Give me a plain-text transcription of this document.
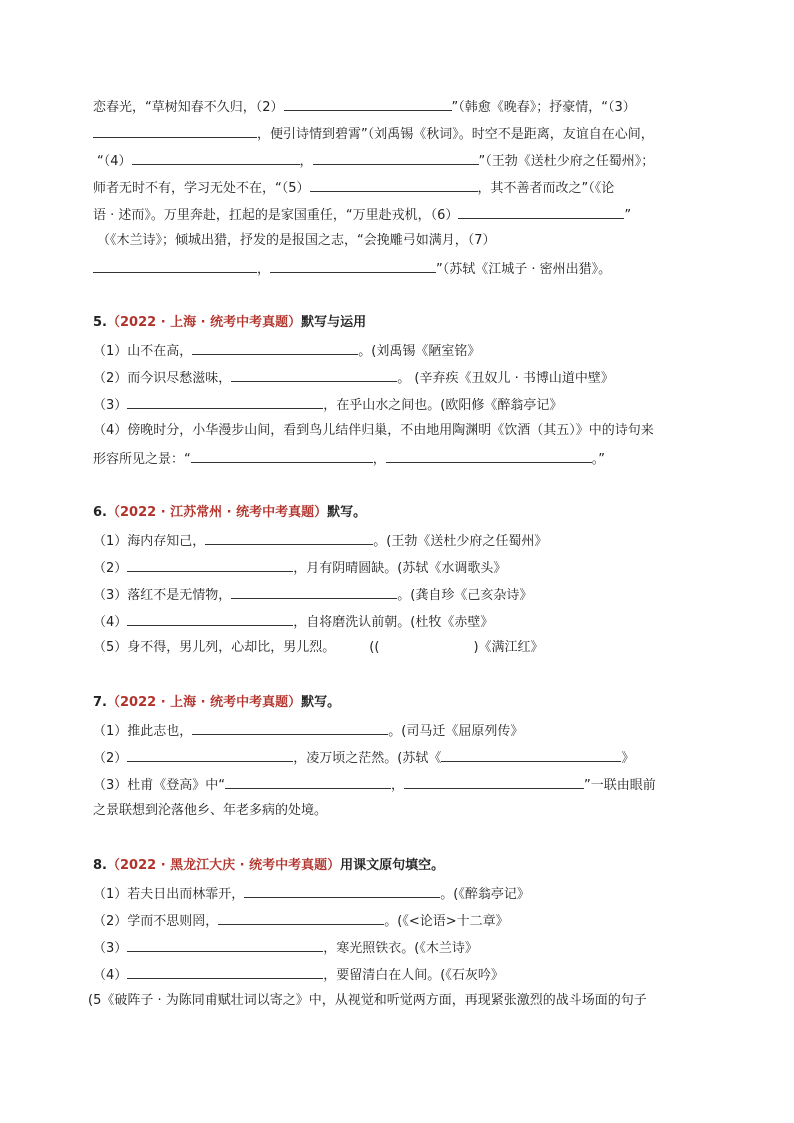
恋春光，“草树知春不久归，（2）	”（韩愈《晚春》；抒豪情，“（3）
，便引诗情到碧霄”（刘禹锡《秋词》。时空不是距离，友谊自在心间，
“（4）	，	”（王勃《送杜少府之任蜀州》；
师者无时不有，学习无处不在，“（5）	，其不善者而改之”（《论
语 · 述而》。万里奔赴，扛起的是家国重任，“万里赴戎机，（6）	”
（《木兰诗》；倾城出猎，抒发的是报国之志，“会挽雕弓如满月，（7）
，	”（苏轼《江城子 · 密州出猎》。
5.（2022 · 上海 · 统考中考真题）默写与运用
（1）山不在高，	。(刘禹锡《陋室铭》
（2）而今识尽愁滋味，	。 (辛弃疾《丑奴儿 · 书博山道中壁》
（3）	，在乎山水之间也。(欧阳修《醉翁亭记》
（4）傍晚时分，小华漫步山间，看到鸟儿结伴归巢，不由地用陶渊明《饮酒（其五）》中的诗句来
形容所见之景：“	，	。”
6.（2022 · 江苏常州 · 统考中考真题）默写。
（1）海内存知己，	。(王勃《送杜少府之任蜀州》
（2）	，月有阴晴圆缺。(苏轼《水调歌头》
（3）落红不是无情物，	。(龚自珍《己亥杂诗》
（4）	，自将磨洗认前朝。(杜牧《赤壁》
（5）身不得，男儿列，心却比，男儿烈。	((	)《满江红》
7.（2022 · 上海 · 统考中考真题）默写。
（1）推此志也，	。(司马迁《屈原列传》
（2）	，凌万顷之茫然。(苏轼《	》
（3）杜甫《登高》中“	，	”一联由眼前
之景联想到沦落他乡、年老多病的处境。
8.（2022 · 黑龙江大庆 · 统考中考真题）用课文原句填空。
（1）若夫日出而林霏开，	。(《醉翁亭记》
（2）学而不思则罔，	。(《<论语>十二章》
（3）	，寒光照铁衣。(《木兰诗》
（4）	，要留清白在人间。(《石灰吟》
(5《破阵子 · 为陈同甫赋壮词以寄之》中，从视觉和听觉两方面，再现紧张激烈的战斗场面的句子
